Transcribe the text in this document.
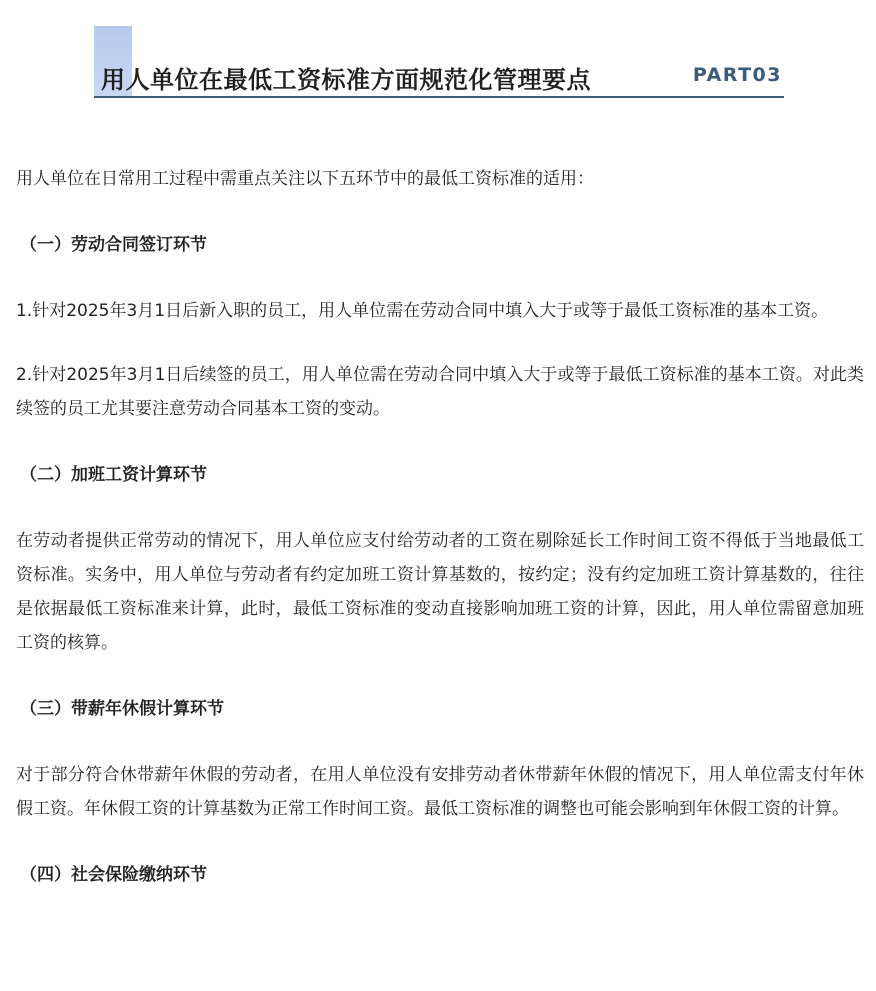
用人单位在最低工资标准方面规范化管理要点	PART03

用人单位在日常用工过程中需重点关注以下五环节中的最低工资标准的适用：

（一）劳动合同签订环节

1.针对2025年3月1日后新入职的员工，用人单位需在劳动合同中填入大于或等于最低工资标准的基本工资。

2.针对2025年3月1日后续签的员工，用人单位需在劳动合同中填入大于或等于最低工资标准的基本工资。对此类续签的员工尤其要注意劳动合同基本工资的变动。

（二）加班工资计算环节

在劳动者提供正常劳动的情况下，用人单位应支付给劳动者的工资在剔除延长工作时间工资不得低于当地最低工资标准。实务中，用人单位与劳动者有约定加班工资计算基数的，按约定；没有约定加班工资计算基数的，往往是依据最低工资标准来计算，此时，最低工资标准的变动直接影响加班工资的计算，因此，用人单位需留意加班工资的核算。

（三）带薪年休假计算环节

对于部分符合休带薪年休假的劳动者，在用人单位没有安排劳动者休带薪年休假的情况下，用人单位需支付年休假工资。年休假工资的计算基数为正常工作时间工资。最低工资标准的调整也可能会影响到年休假工资的计算。

（四）社会保险缴纳环节
